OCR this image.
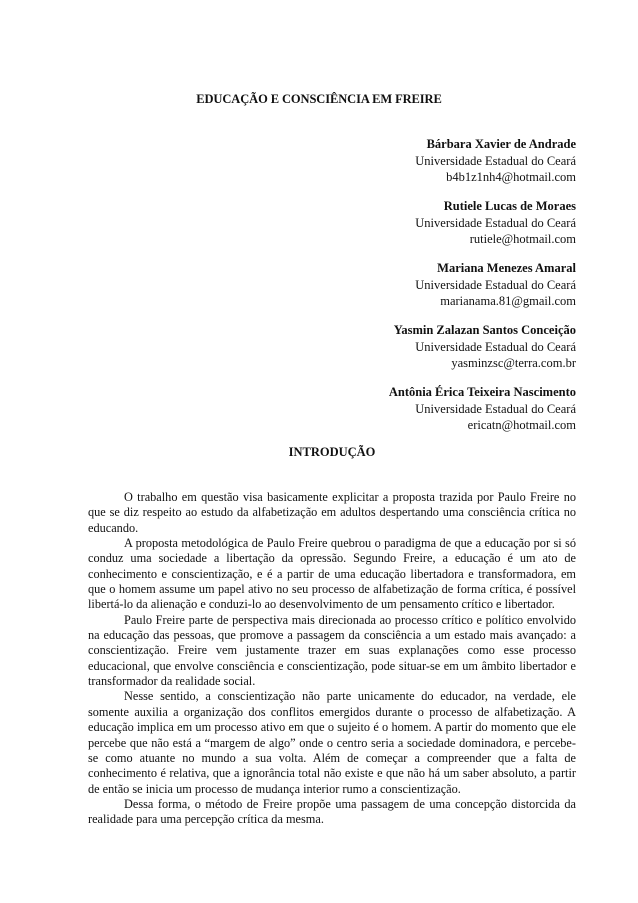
EDUCAÇÃO E CONSCIÊNCIA EM FREIRE
Bárbara Xavier de Andrade
Universidade Estadual do Ceará
b4b1z1nh4@hotmail.com
Rutiele Lucas de Moraes
Universidade Estadual do Ceará
rutiele@hotmail.com
Mariana Menezes Amaral
Universidade Estadual do Ceará
marianama.81@gmail.com
Yasmin Zalazan Santos Conceição
Universidade Estadual do Ceará
yasminzsc@terra.com.br
Antônia Érica Teixeira Nascimento
Universidade Estadual do Ceará
ericatn@hotmail.com
INTRODUÇÃO

O trabalho em questão visa basicamente explicitar a proposta trazida por Paulo Freire no que se diz respeito ao estudo da alfabetização em adultos despertando uma consciência crítica no educando.

A proposta metodológica de Paulo Freire quebrou o paradigma de que a educação por si só conduz uma sociedade a libertação da opressão. Segundo Freire, a educação é um ato de conhecimento e conscientização, e é a partir de uma educação libertadora e transformadora, em que o homem assume um papel ativo no seu processo de alfabetização de forma crítica, é possível libertá-lo da alienação e conduzi-lo ao desenvolvimento de um pensamento crítico e libertador.

Paulo Freire parte de perspectiva mais direcionada ao processo crítico e político envolvido na educação das pessoas, que promove a passagem da consciência a um estado mais avançado: a conscientização. Freire vem justamente trazer em suas explanações como esse processo educacional, que envolve consciência e conscientização, pode situar-se em um âmbito libertador e transformador da realidade social.

Nesse sentido, a conscientização não parte unicamente do educador, na verdade, ele somente auxilia a organização dos conflitos emergidos durante o processo de alfabetização. A educação implica em um processo ativo em que o sujeito é o homem. A partir do momento que ele percebe que não está a “margem de algo” onde o centro seria a sociedade dominadora, e percebe-se como atuante no mundo a sua volta. Além de começar a compreender que a falta de conhecimento é relativa, que a ignorância total não existe e que não há um saber absoluto, a partir de então se inicia um processo de mudança interior rumo a conscientização.

Dessa forma, o método de Freire propõe uma passagem de uma concepção distorcida da realidade para uma percepção crítica da mesma.
